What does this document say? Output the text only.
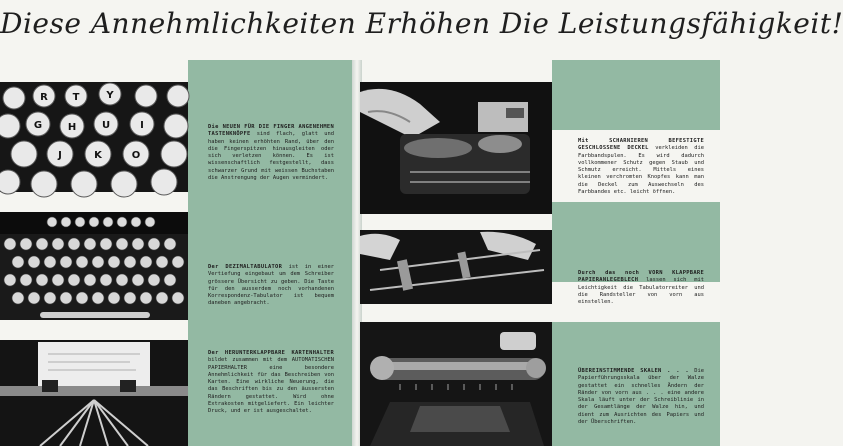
Diese Annehmlichkeiten Erhöhen Die Leistungsfähigkeit!
R T	Y
G	H	U	I
J	K	O

Die NEUEN FÜR DIE FINGER ANGENEHMEN TASTENKNÖPFE sind flach, glatt und haben keinen erhöhten Rand, über den die Fingerspitzen hinausgleiten oder sich verletzen können. Es ist wissenschaftlich festgestellt, dass schwarzer Grund mit weissen Buchstaben die Anstrengung der Augen vermindert.

Der DEZIMALTABULATOR ist in einer Vertiefung eingebaut um dem Schreiber grössere Übersicht zu geben. Die Taste für den ausserdem noch vorhandenen Korrespondenz-Tabulator ist bequem daneben angebracht.

Der HERUNTERKLAPPBARE KARTENHALTER bildet zusammen mit dem AUTOMATISCHEN PAPIERHALTER eine besondere Annehmlichkeit für das Beschreiben von Karten. Eine wirkliche Neuerung, die das Beschriften bis zu den äussersten Rändern gestattet. Wird ohne Extrakosten mitgeliefert. Ein leichter Druck, und er ist ausgeschaltet.

Mit SCHARNIEREN BEFESTIGTE GESCHLOSSENE DECKEL verkleiden die Farbbandspulen. Es wird dadurch vollkommener Schutz gegen Staub und Schmutz erreicht. Mittels eines kleinen verchromten Knopfes kann man die Deckel zum Auswechseln des Farbbandes etc. leicht öffnen.

Durch das noch VORN KLAPPBARE PAPIERANLEGEBLECH lassen sich mit Leichtigkeit die Tabulatorreiter und die Randsteller von vorn aus einstellen.

ÜBEREINSTIMMENDE SKALEN . . . Die Papierführungsskala über der Walze gestattet ein schnelles Ändern der Ränder von vorn aus . . . eine andere Skala läuft unter der Schreiblinie in der Gesamtlänge der Walze hin, und dient zum Ausrichten des Papiers und der Überschriften.
